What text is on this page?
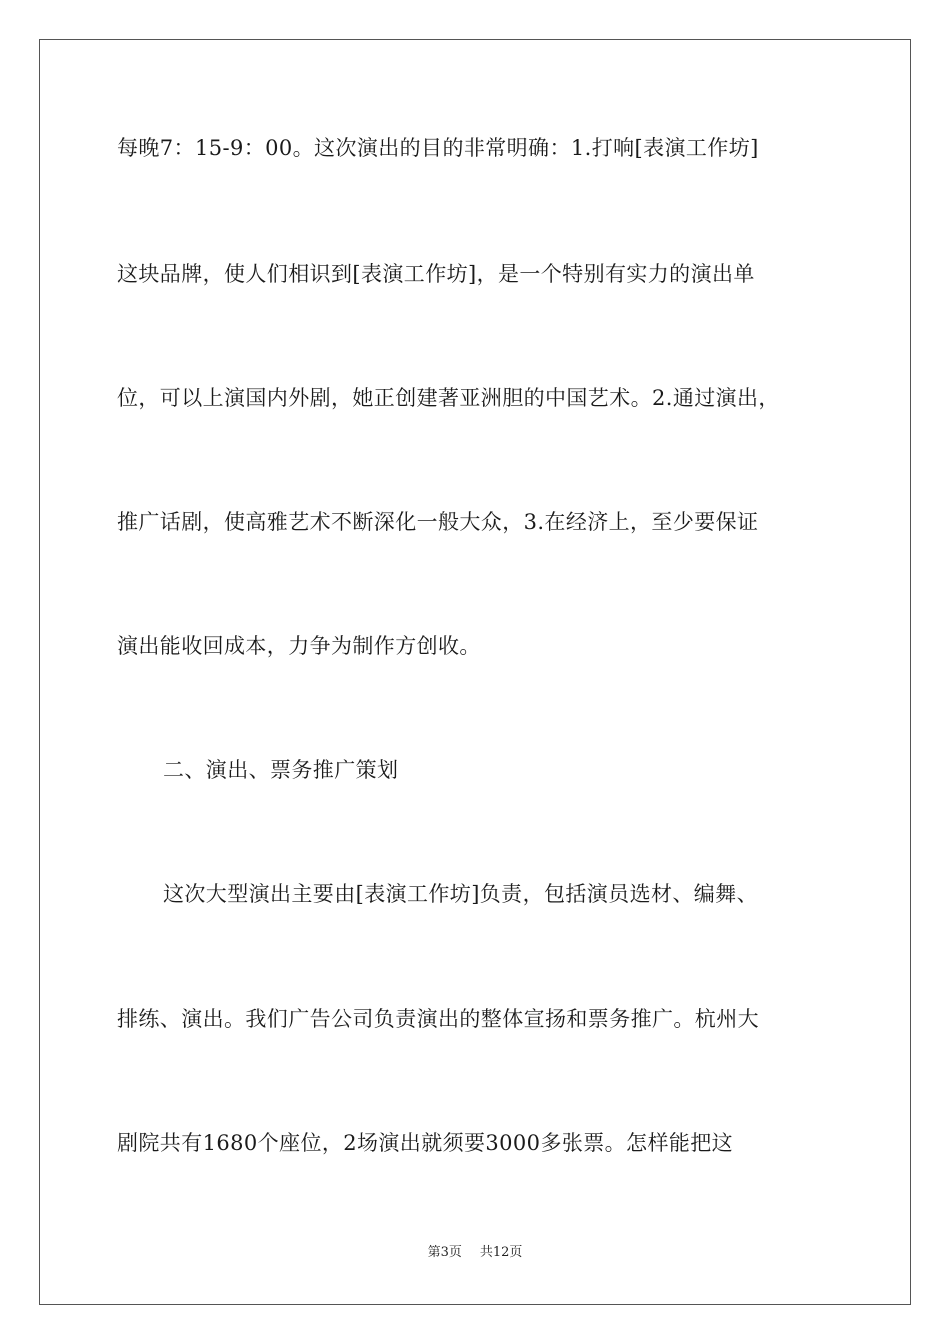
每晚7：15-9：00。这次演出的目的非常明确：1.打响[表演工作坊]
这块品牌，使人们相识到[表演工作坊]，是一个特别有实力的演出单
位，可以上演国内外剧，她正创建著亚洲胆的中国艺术。2.通过演出，
推广话剧，使高雅艺术不断深化一般大众，3.在经济上，至少要保证
演出能收回成本，力争为制作方创收。
二、演出、票务推广策划
这次大型演出主要由[表演工作坊]负责，包括演员选材、编舞、
排练、演出。我们广告公司负责演出的整体宣扬和票务推广。杭州大
剧院共有1680个座位，2场演出就须要3000多张票。怎样能把这
第3页 共12页
